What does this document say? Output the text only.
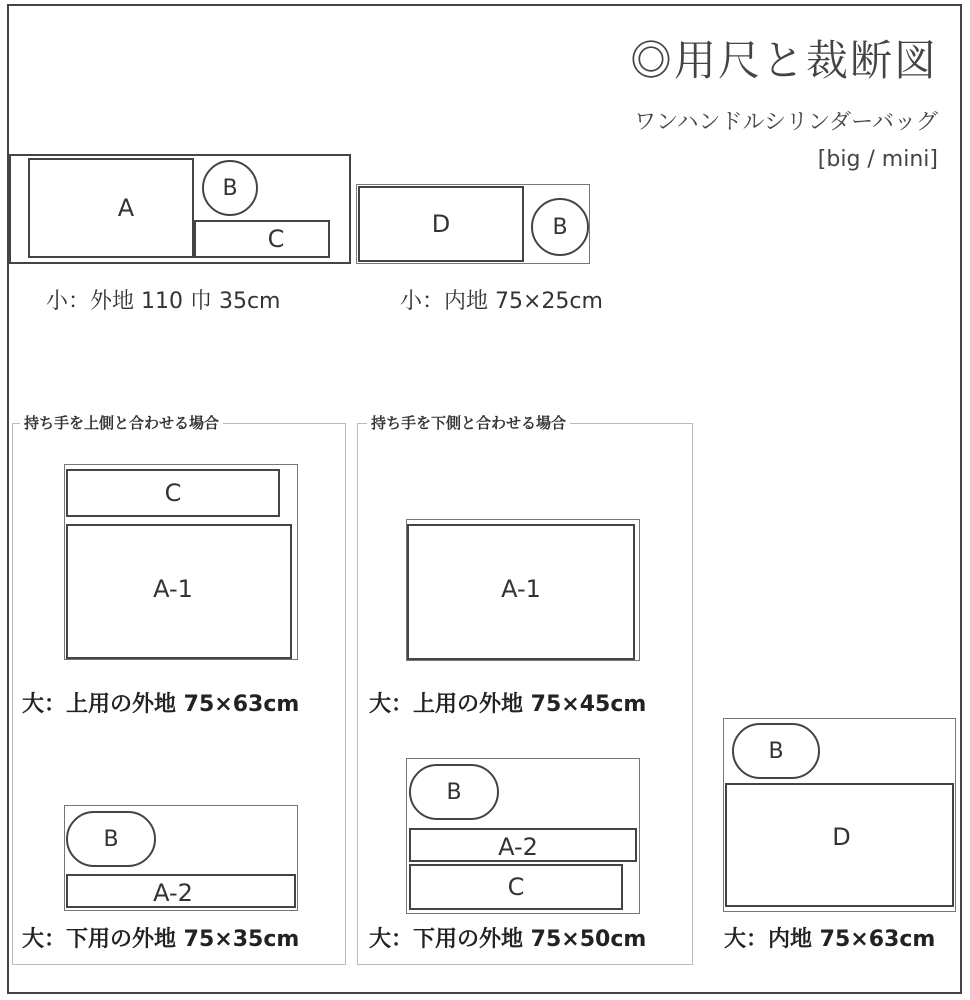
◎用尺と裁断図
ワンハンドルシリンダーバッグ
[big / mini]
A
B
C
小：外地 110 巾 35cm
D	B
小：内地 75×25cm
持ち手を上側と合わせる場合
C
A-1
大：上用の外地 75×63cm
B
A-2
大：下用の外地 75×35cm
持ち手を下側と合わせる場合
A-1
大：上用の外地 75×45cm
B
A-2
C
大：下用の外地 75×50cm
B
D
大：内地 75×63cm
